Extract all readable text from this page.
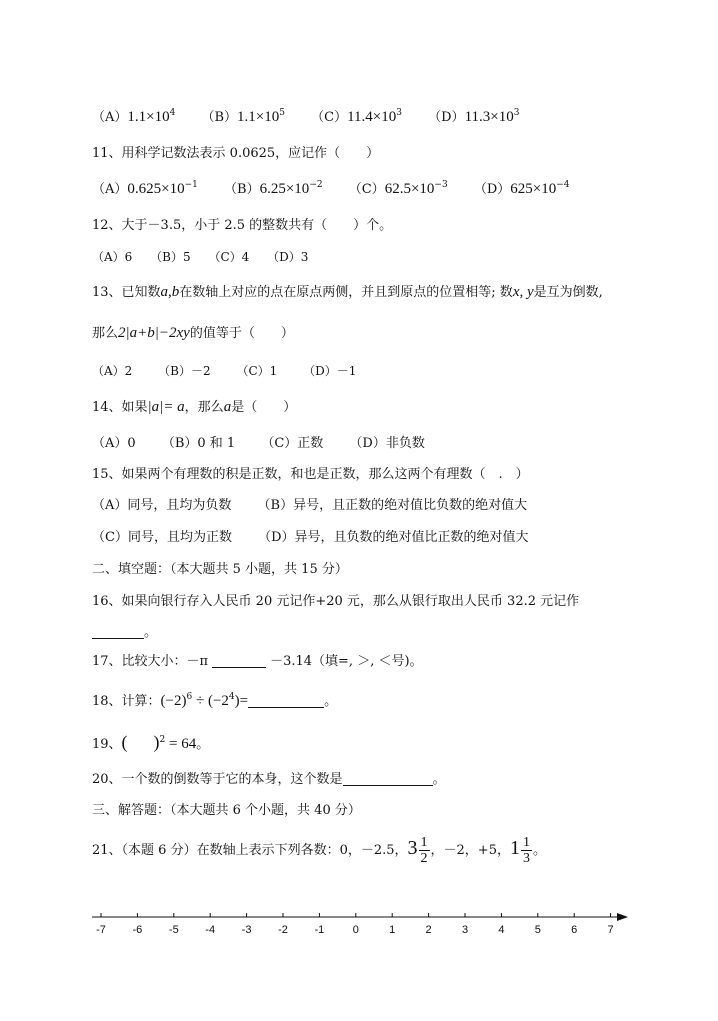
$(A)1.1\times 10^4$ $(B)1.1\times 10^5$ $(C)11.4\times 10^3$ $(D)11.3\times 10^3$
11、用科学记数法表示 0.0625，应记作（　　）
$(A)0.625\times 10^{-1}$ $(B)6.25\times 10^{-2}$ $(C)62.5\times 10^{-3}$ $(D)625\times 10^{-4}$
12、大于－3.5，小于 2.5 的整数共有（　　）个。
（A）6 （B）5 （C）4 （D）3
13、已知数a,b在数轴上对应的点在原点两侧，并且到原点的位置相等; 数x, y是互为倒数,
那么2|a+b|−2xy的值等于（　　）
（A）2 （B）－2 （C）1 （D）－1
14、如果|a|= a，那么a是（　　）
（A）0 （B）0 和 1 （C）正数 （D）非负数
15、如果两个有理数的积是正数，和也是正数，那么这两个有理数（　.　）
（A）同号，且均为负数 （B）异号，且正数的绝对值比负数的绝对值大
（C）同号，且均为正数 （D）异号，且负数的绝对值比正数的绝对值大
二、填空题：（本大题共 5 小题，共 15 分）
16、如果向银行存入人民币 20 元记作+20 元，那么从银行取出人民币 32.2 元记作
。
17、比较大小：－π	－3.14（填=, ＞, ＜号)。
18、计算：$(-2)^6 \div (-2^4)=$	。
19、( )$^2$ = 64。
20、一个数的倒数等于它的本身，这个数是	。
三、解答题：（本大题共 6 个小题，共 40 分）
21、（本题 6 分）在数轴上表示下列各数：0，－2.5，$3 \frac{1}{2}$ ，－2，+5，$1 \frac{1}{3}$ 。
-7 -6 -5 -4 -3 -2 -1	0	1	2	3	4	5	6	7
